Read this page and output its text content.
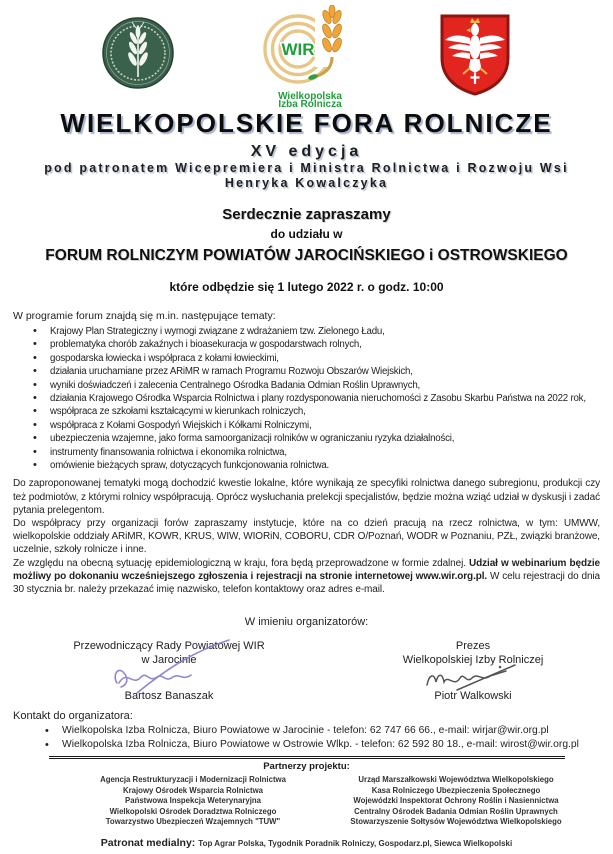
WIR
Wielkopolska
Izba Rolnicza
WIELKOPOLSKIE FORA ROLNICZE
XV edycja
pod patronatem Wicepremiera i Ministra Rolnictwa i Rozwoju Wsi
Henryka Kowalczyka
Serdecznie zapraszamy
do udziału w
FORUM ROLNICZYM POWIATÓW JAROCIŃSKIEGO i OSTROWSKIEGO
które odbędzie się 1 lutego 2022 r. o godz. 10:00
W programie forum znajdą się m.in. następujące tematy:
• Krajowy Plan Strategiczny i wymogi związane z wdrażaniem tzw. Zielonego Ładu,
• problematyka chorób zakaźnych i bioasekuracja w gospodarstwach rolnych,
• gospodarska łowiecka i współpraca z kołami łowieckimi,
• działania uruchamiane przez ARiMR w ramach Programu Rozwoju Obszarów Wiejskich,
• wyniki doświadczeń i zalecenia Centralnego Ośrodka Badania Odmian Roślin Uprawnych,
• działania Krajowego Ośrodka Wsparcia Rolnictwa i plany rozdysponowania nieruchomości z Zasobu Skarbu Państwa na 2022 rok,
• współpraca ze szkołami kształcącymi w kierunkach rolniczych,
• współpraca z Kołami Gospodyń Wiejskich i Kółkami Rolniczymi,
• ubezpieczenia wzajemne, jako forma samoorganizacji rolników w ograniczaniu ryzyka działalności,
• instrumenty finansowania rolnictwa i ekonomika rolnictwa,
• omówienie bieżących spraw, dotyczących funkcjonowania rolnictwa.

Do zaproponowanej tematyki mogą dochodzić kwestie lokalne, które wynikają ze specyfiki rolnictwa danego subregionu, produkcji czy też podmiotów, z którymi rolnicy współpracują. Oprócz wysłuchania prelekcji specjalistów, będzie można wziąć udział w dyskusji i zadać pytania prelegentom.

Do współpracy przy organizacji forów zapraszamy instytucje, które na co dzień pracują na rzecz rolnictwa, w tym: UMWW, wielkopolskie oddziały ARiMR, KOWR, KRUS, WIW, WIORiN, COBORU, CDR O/Poznań, WODR w Poznaniu, PZŁ, związki branżowe, uczelnie, szkoły rolnicze i inne.

Ze względu na obecną sytuację epidemiologiczną w kraju, fora będą przeprowadzone w formie zdalnej. Udział w webinarium będzie możliwy po dokonaniu wcześniejszego zgłoszenia i rejestracji na stronie internetowej www.wir.org.pl. W celu rejestracji do dnia 30 stycznia br. należy przekazać imię nazwisko, telefon kontaktowy oraz adres e-mail.

W imieniu organizatorów:
Przewodniczący Rady Powiatowej WIR
w Jarocinie
Bartosz Banaszak
Prezes
Wielkopolskiej Izby Rolniczej
Piotr Walkowski
Kontakt do organizatora:
• Wielkopolska Izba Rolnicza, Biuro Powiatowe w Jarocinie - telefon: 62 747 66 66., e-mail: wirjar@wir.org.pl
• Wielkopolska Izba Rolnicza, Biuro Powiatowe w Ostrowie Wlkp. - telefon: 62 592 80 18., e-mail: wirost@wir.org.pl
Partnerzy projektu:
Agencja Restrukturyzacji i Modernizacji Rolnictwa
Krajowy Ośrodek Wsparcia Rolnictwa
Państwowa Inspekcja Weterynaryjna
Wielkopolski Ośrodek Doradztwa Rolniczego
Towarzystwo Ubezpieczeń Wzajemnych "TUW"
Urząd Marszałkowski Województwa Wielkopolskiego
Kasa Rolniczego Ubezpieczenia Społecznego
Wojewódzki Inspektorat Ochrony Roślin i Nasiennictwa
Centralny Ośrodek Badania Odmian Roślin Uprawnych
Stowarzyszenie Sołtysów Województwa Wielkopolskiego
Patronat medialny: Top Agrar Polska, Tygodnik Poradnik Rolniczy, Gospodarz.pl, Siewca Wielkopolski
